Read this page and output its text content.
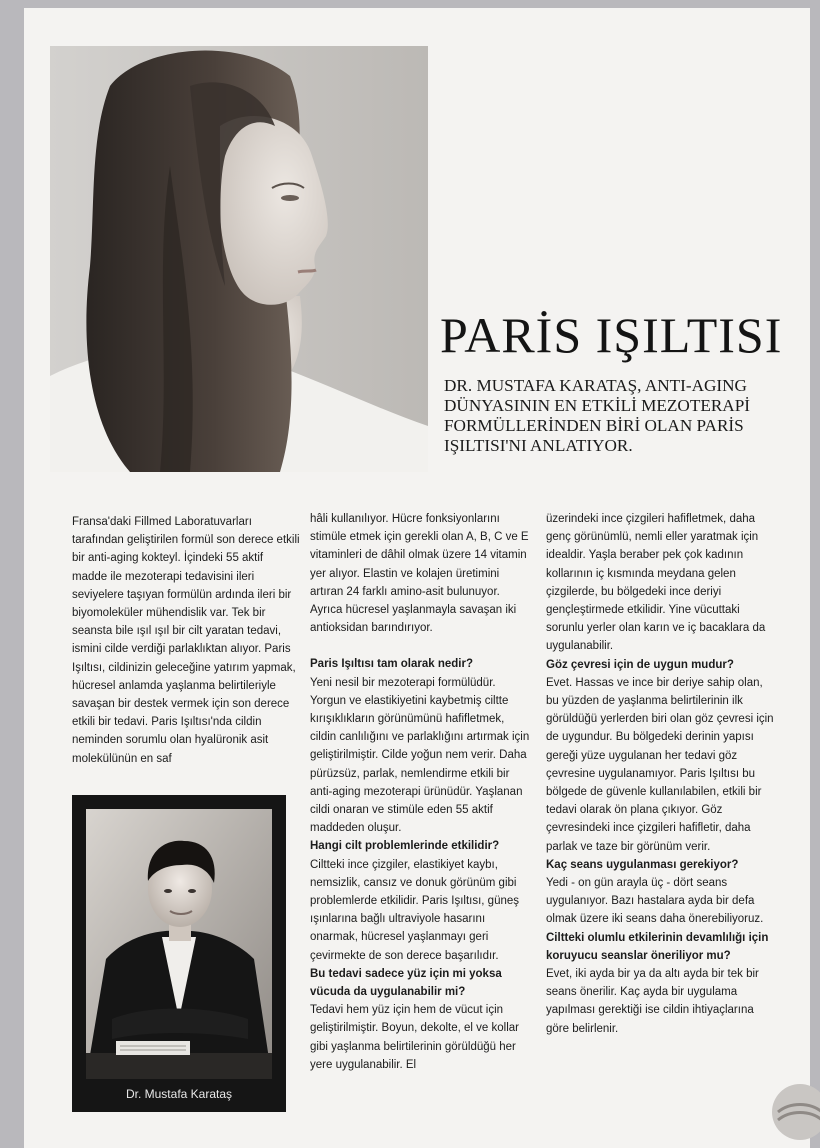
PARİS IŞILTISI
DR. MUSTAFA KARATAŞ, ANTI-AGING DÜNYASININ EN ETKİLİ MEZOTERAPİ FORMÜLLERİNDEN BİRİ OLAN PARİS IŞILTISI'NI ANLATIYOR.

Fransa'daki Fillmed Laboratuvarları tarafından geliştirilen formül son derece etkili bir anti-aging kokteyl. İçindeki 55 aktif madde ile mezoterapi tedavisini ileri seviyelere taşıyan formülün ardında ileri bir biyomoleküler mühendislik var. Tek bir seansta bile ışıl ışıl bir cilt yaratan tedavi, ismini cilde verdiği parlaklıktan alıyor. Paris Işıltısı, cildinizin geleceğine yatırım yapmak, hücresel anlamda yaşlanma belirtileriyle savaşan bir destek vermek için son derece etkili bir tedavi. Paris Işıltısı'nda cildin neminden sorumlu olan hyalüronik asit molekülünün en saf

hâli kullanılıyor. Hücre fonksiyonlarını stimüle etmek için gerekli olan A, B, C ve E vitaminleri de dâhil olmak üzere 14 vitamin yer alıyor. Elastin ve kolajen üretimini artıran 24 farklı amino-asit bulunuyor. Ayrıca hücresel yaşlanmayla savaşan iki antioksidan barındırıyor.

Paris Işıltısı tam olarak nedir?

Yeni nesil bir mezoterapi formülüdür. Yorgun ve elastikiyetini kaybetmiş ciltte kırışıklıkların görünümünü hafifletmek, cildin canlılığını ve parlaklığını artırmak için geliştirilmiştir. Cilde yoğun nem verir. Daha pürüzsüz, parlak, nemlendirme etkili bir anti-aging mezoterapi ürünüdür. Yaşlanan cildi onaran ve stimüle eden 55 aktif maddeden oluşur.

Hangi cilt problemlerinde etkilidir?

Ciltteki ince çizgiler, elastikiyet kaybı, nemsizlik, cansız ve donuk görünüm gibi problemlerde etkilidir. Paris Işıltısı, güneş ışınlarına bağlı ultraviyole hasarını onarmak, hücresel yaşlanmayı geri çevirmekte de son derece başarılıdır.

Bu tedavi sadece yüz için mi yoksa vücuda da uygulanabilir mi?

Tedavi hem yüz için hem de vücut için geliştirilmiştir. Boyun, dekolte, el ve kollar gibi yaşlanma belirtilerinin görüldüğü her yere uygulanabilir. El

üzerindeki ince çizgileri hafifletmek, daha genç görünümlü, nemli eller yaratmak için idealdir. Yaşla beraber pek çok kadının kollarının iç kısmında meydana gelen çizgilerde, bu bölgedeki ince deriyi gençleştirmede etkilidir. Yine vücuttaki sorunlu yerler olan karın ve iç bacaklara da uygulanabilir.

Göz çevresi için de uygun mudur?

Evet. Hassas ve ince bir deriye sahip olan, bu yüzden de yaşlanma belirtilerinin ilk görüldüğü yerlerden biri olan göz çevresi için de uygundur. Bu bölgedeki derinin yapısı gereği yüze uygulanan her tedavi göz çevresine uygulanamıyor. Paris Işıltısı bu bölgede de güvenle kullanılabilen, etkili bir tedavi olarak ön plana çıkıyor. Göz çevresindeki ince çizgileri hafifletir, daha parlak ve taze bir görünüm verir.

Kaç seans uygulanması gerekiyor?

Yedi - on gün arayla üç - dört seans uygulanıyor. Bazı hastalara ayda bir defa olmak üzere iki seans daha önerebiliyoruz.

Ciltteki olumlu etkilerinin devamlılığı için koruyucu seanslar öneriliyor mu?

Evet, iki ayda bir ya da altı ayda bir tek bir seans önerilir. Kaç ayda bir uygulama yapılması gerektiği ise cildin ihtiyaçlarına göre belirlenir.

Dr. Mustafa Karataş
